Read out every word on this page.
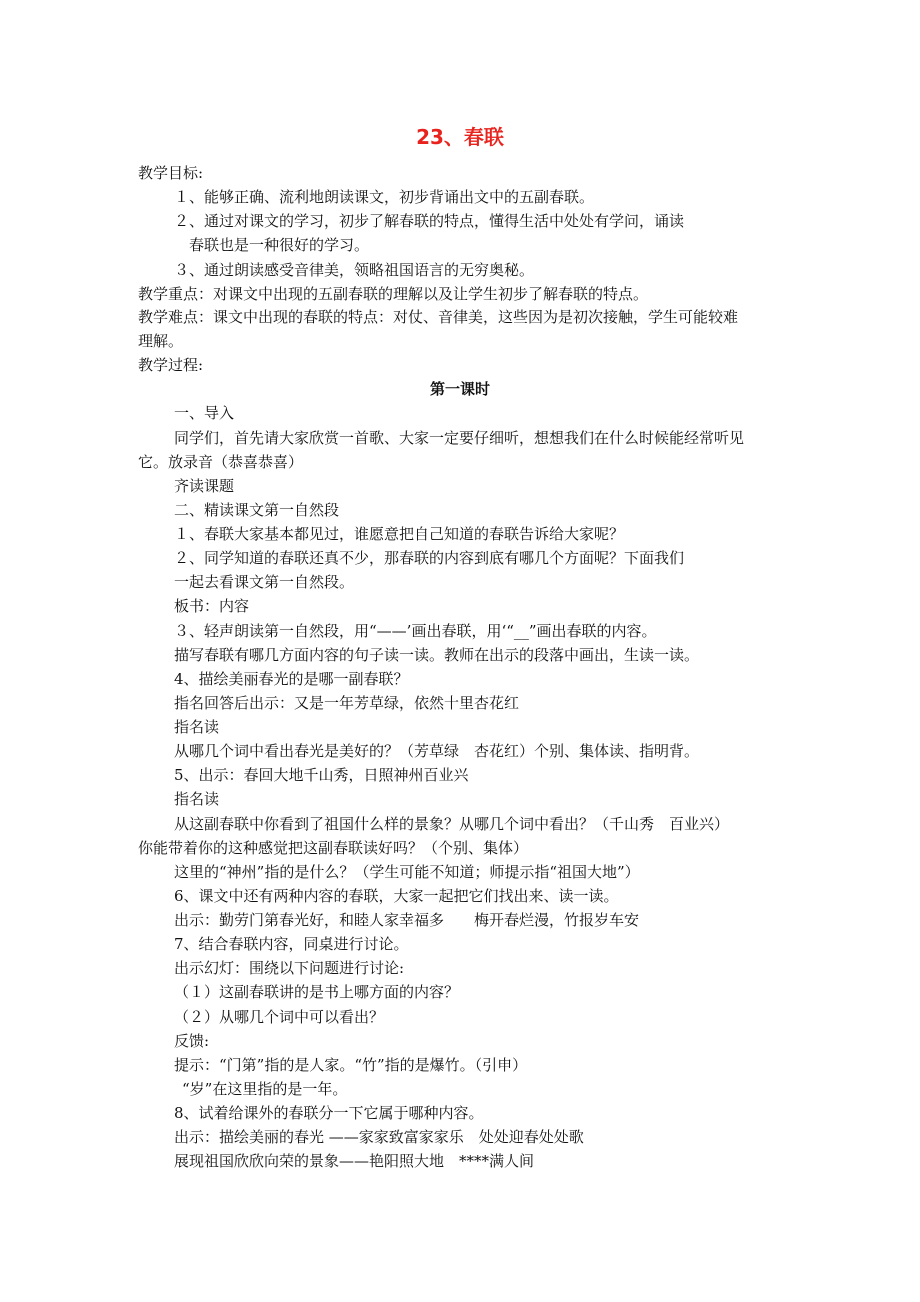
23、春联
教学目标:
１、能够正确、流利地朗读课文，初步背诵出文中的五副春联。
２、通过对课文的学习，初步了解春联的特点，懂得生活中处处有学问，诵读
春联也是一种很好的学习。
３、通过朗读感受音律美，领略祖国语言的无穷奥秘。
教学重点：对课文中出现的五副春联的理解以及让学生初步了解春联的特点。
教学难点：课文中出现的春联的特点：对仗、音律美，这些因为是初次接触，学生可能较难
理解。
教学过程:
第一课时
一、导入
同学们，首先请大家欣赏一首歌、大家一定要仔细听，想想我们在什么时候能经常听见
它。放录音（恭喜恭喜）
齐读课题
二、精读课文第一自然段
１、春联大家基本都见过，谁愿意把自己知道的春联告诉给大家呢？
２、同学知道的春联还真不少，那春联的内容到底有哪几个方面呢？下面我们
一起去看课文第一自然段。
板书：内容
３、轻声朗读第一自然段，用“——’画出春联，用‘“__”画出春联的内容。
描写春联有哪几方面内容的句子读一读。教师在出示的段落中画出，生读一读。
4、描绘美丽春光的是哪一副春联？
指名回答后出示：又是一年芳草绿，依然十里杏花红
指名读
从哪几个词中看出春光是美好的？（芳草绿　杏花红）个别、集体读、指明背。
5、出示：春回大地千山秀，日照神州百业兴
指名读
从这副春联中你看到了祖国什么样的景象？从哪几个词中看出？（千山秀　百业兴）
你能带着你的这种感觉把这副春联读好吗？（个别、集体）
这里的“神州”指的是什么？（学生可能不知道；师提示指“祖国大地”）
6、课文中还有两种内容的春联，大家一起把它们找出来、读一读。
出示：勤劳门第春光好，和睦人家幸福多　　梅开春烂漫，竹报岁车安
7、结合春联内容，同桌进行讨论。
出示幻灯：围绕以下问题进行讨论:
（１）这副春联讲的是书上哪方面的内容？
（２）从哪几个词中可以看出？
反馈:
提示：“门第”指的是人家。“竹”指的是爆竹。（引申）
“岁”在这里指的是一年。
8、试着给课外的春联分一下它属于哪种内容。
出示：描绘美丽的春光 ——家家致富家家乐　处处迎春处处歌
展现祖国欣欣向荣的景象——艳阳照大地　****满人间
